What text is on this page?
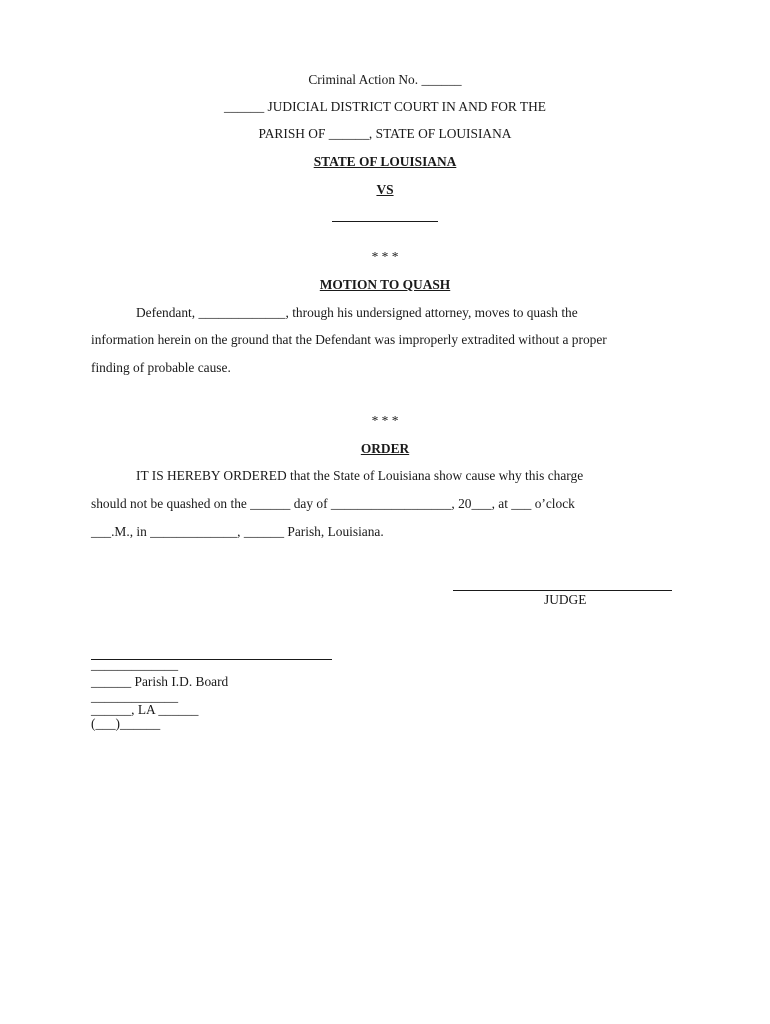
Criminal Action No. ______
______ JUDICIAL DISTRICT COURT IN AND FOR THE
PARISH OF ______, STATE OF LOUISIANA
STATE OF LOUISIANA
VS
* * *
MOTION TO QUASH
Defendant, _____________, through his undersigned attorney, moves to quash the
information herein on the ground that the Defendant was improperly extradited without a proper
finding of probable cause.
* * *
ORDER
IT IS HEREBY ORDERED that the State of Louisiana show cause why this charge
should not be quashed on the ______ day of __________________, 20___, at ___ o’clock
___.M., in _____________, ______ Parish, Louisiana.
JUDGE
_____________
______ Parish I.D. Board
_____________
______, LA ______
(___)______
